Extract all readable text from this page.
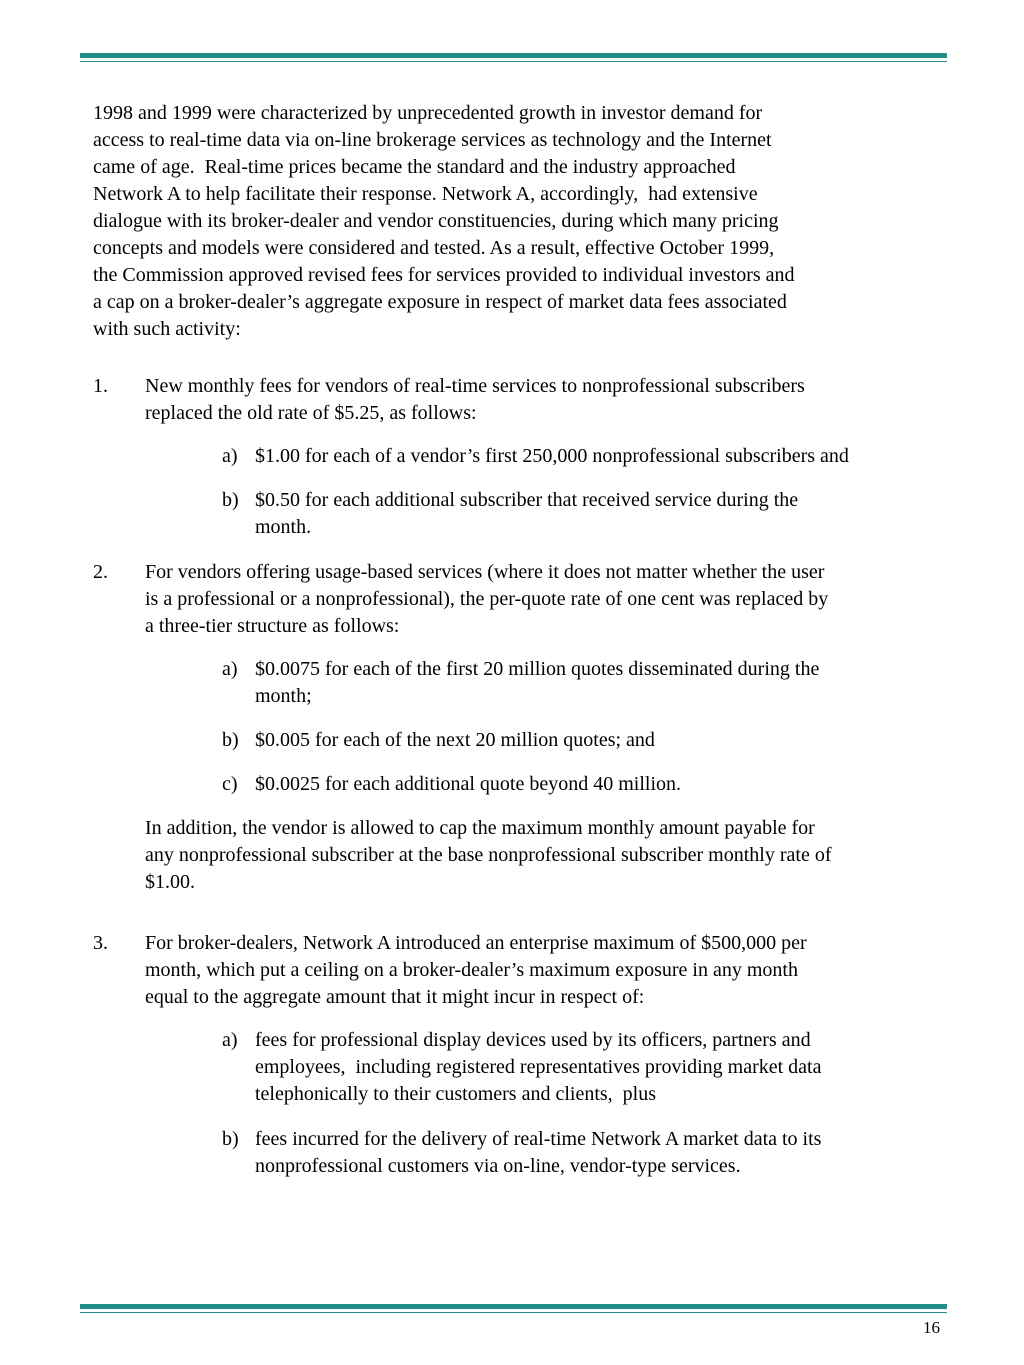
1998 and 1999 were characterized by unprecedented growth in investor demand for
access to real-time data via on-line brokerage services as technology and the Internet
came of age.  Real-time prices became the standard and the industry approached
Network A to help facilitate their response. Network A, accordingly,  had extensive
dialogue with its broker-dealer and vendor constituencies, during which many pricing
concepts and models were considered and tested. As a result, effective October 1999,
the Commission approved revised fees for services provided to individual investors and
a cap on a broker-dealer’s aggregate exposure in respect of market data fees associated
with such activity:

1. New monthly fees for vendors of real-time services to nonprofessional subscribers
replaced the old rate of $5.25, as follows:

a) $1.00 for each of a vendor’s first 250,000 nonprofessional subscribers and
b) $0.50 for each additional subscriber that received service during the
month.
2. For vendors offering usage-based services (where it does not matter whether the user
is a professional or a nonprofessional), the per-quote rate of one cent was replaced by
a three-tier structure as follows:

a) $0.0075 for each of the first 20 million quotes disseminated during the
month;
b) $0.005 for each of the next 20 million quotes; and
c) $0.0025 for each additional quote beyond 40 million.

In addition, the vendor is allowed to cap the maximum monthly amount payable for
any nonprofessional subscriber at the base nonprofessional subscriber monthly rate of
$1.00.

3. For broker-dealers, Network A introduced an enterprise maximum of $500,000 per
month, which put a ceiling on a broker-dealer’s maximum exposure in any month
equal to the aggregate amount that it might incur in respect of:

a) fees for professional display devices used by its officers, partners and
employees,  including registered representatives providing market data
telephonically to their customers and clients,  plus
b) fees incurred for the delivery of real-time Network A market data to its
nonprofessional customers via on-line, vendor-type services.
16
